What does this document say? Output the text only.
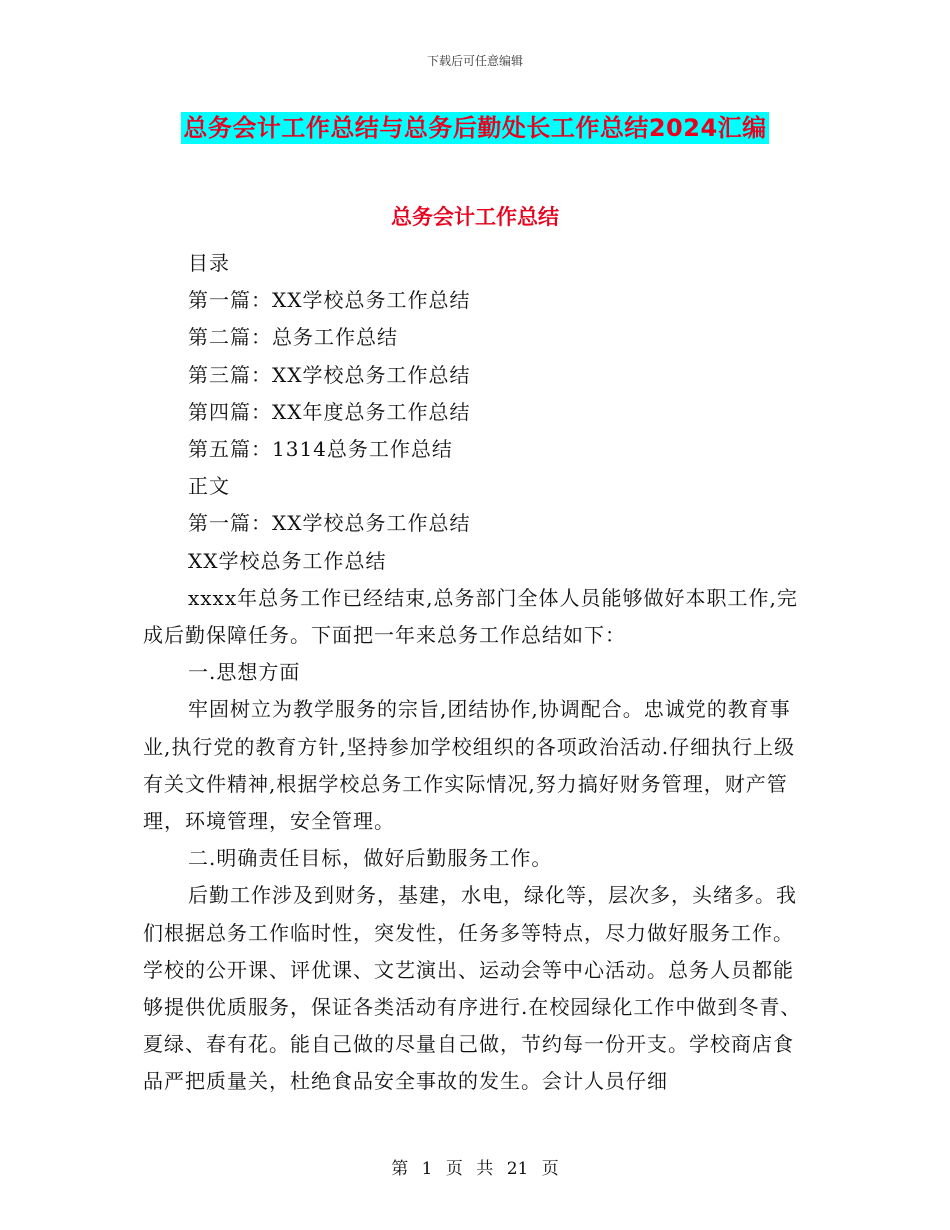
下载后可任意编辑
总务会计工作总结与总务后勤处长工作总结2024汇编
总务会计工作总结

目录

第一篇：XX学校总务工作总结

第二篇：总务工作总结

第三篇：XX学校总务工作总结

第四篇：XX年度总务工作总结

第五篇：1314总务工作总结

正文

第一篇：XX学校总务工作总结

XX学校总务工作总结

xxxx年总务工作已经结束,总务部门全体人员能够做好本职工作,完成后勤保障任务。下面把一年来总务工作总结如下：

一.思想方面

牢固树立为教学服务的宗旨,团结协作,协调配合。忠诚党的教育事业,执行党的教育方针,坚持参加学校组织的各项政治活动.仔细执行上级有关文件精神,根据学校总务工作实际情况,努力搞好财务管理，财产管理，环境管理，安全管理。

二.明确责任目标，做好后勤服务工作。

后勤工作涉及到财务，基建，水电，绿化等，层次多，头绪多。我们根据总务工作临时性，突发性，任务多等特点，尽力做好服务工作。学校的公开课、评优课、文艺演出、运动会等中心活动。总务人员都能够提供优质服务，保证各类活动有序进行.在校园绿化工作中做到冬青、夏绿、春有花。能自己做的尽量自己做，节约每一份开支。学校商店食品严把质量关，杜绝食品安全事故的发生。会计人员仔细

第 1 页 共 21 页
